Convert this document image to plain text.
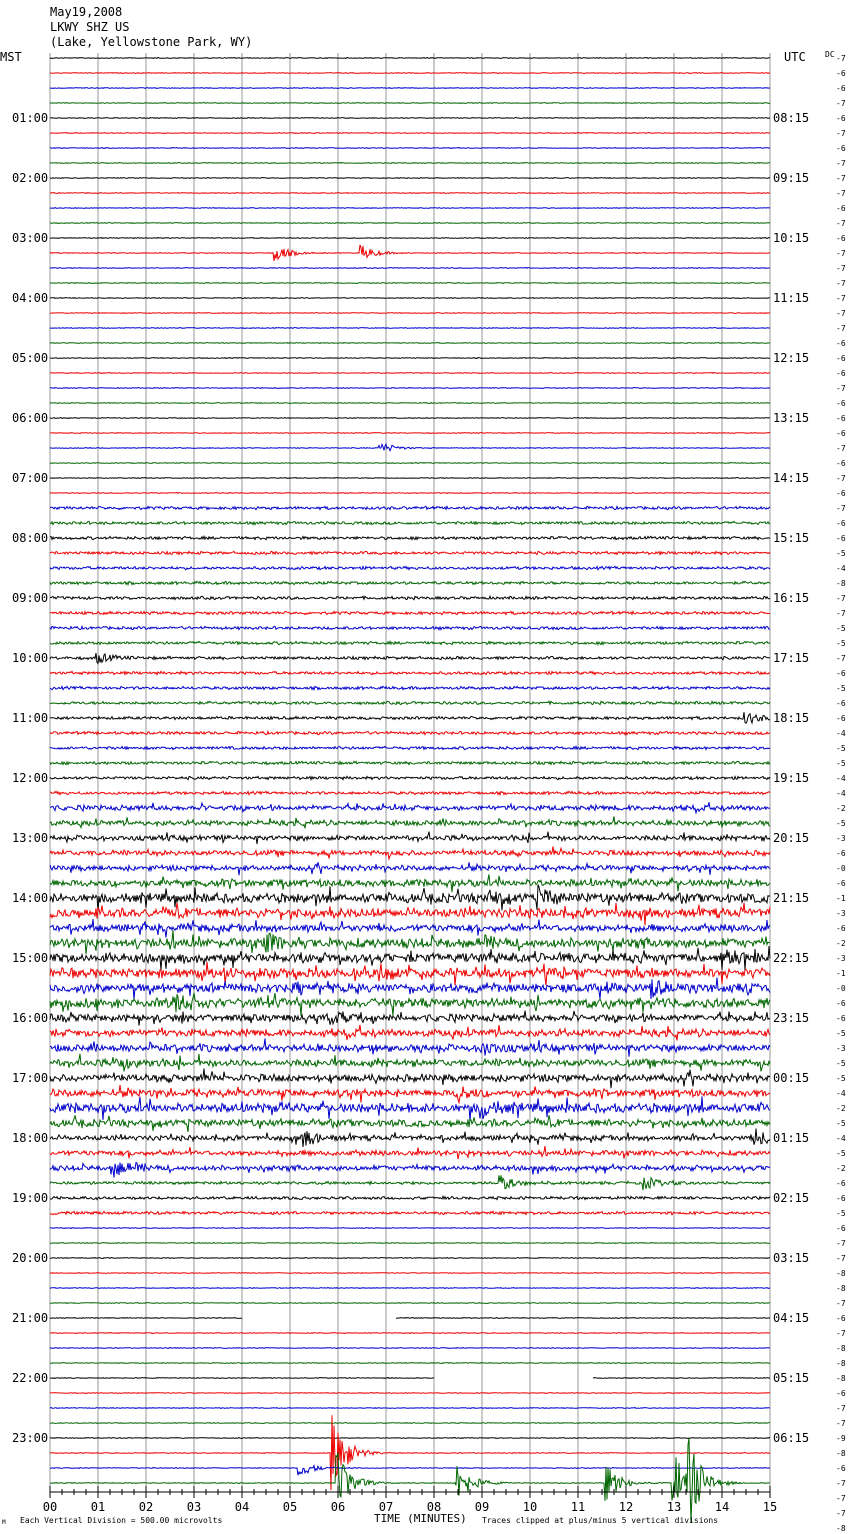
May19,2008
LKWY SHZ US
(Lake, Yellowstone Park, WY)
MST	UTC DC
01:00
02:00
03:00
04:00
05:00
06:00
07:00
08:00
09:00
10:00
11:00
12:00
13:00
14:00
15:00
16:00
17:00
18:00
19:00
20:00
21:00
22:00
23:00
08:15
09:15
10:15
11:15
12:15
13:15
14:15
15:15
16:15
17:15
18:15
19:15
20:15
21:15
22:15
23:15
00:15
01:15
02:15
03:15
04:15
05:15
06:15
-7
-6
-6
-7
-6
-7
-6
-7
-7
-7
-6
-7
-6
-7
-7
-7
-7
-7
-7
-6
-6
-6
-7
-6
-6
-6
-7
-6
-7
-6
-7
-6
-6
-5
-4
-8
-7
-7
-5
-5
-7
-6
-5
-6
-6
-4
-5
-5
-4
-4
-2
-5
-3
-6
-0
-6
-1
-3
-6
-2
-3
-1
-0
-6
-6
-5
-3
-5
-5
-4
-2
-5
-4
-5
-2
-6
-6
-5
-6
-7
-7
-8
-8
-7
-6
-7
-8
-8
-8
-6
-7
-7
-9
-8
-6
-7
-7
-7
-8
00	01	02	03	04	05	06	07	08	09	10	11	12	13	14	15
M Each Vertical Division = 500.00 microvolts	TIME (MINUTES) Traces clipped at plus/minus 5 vertical divisions
